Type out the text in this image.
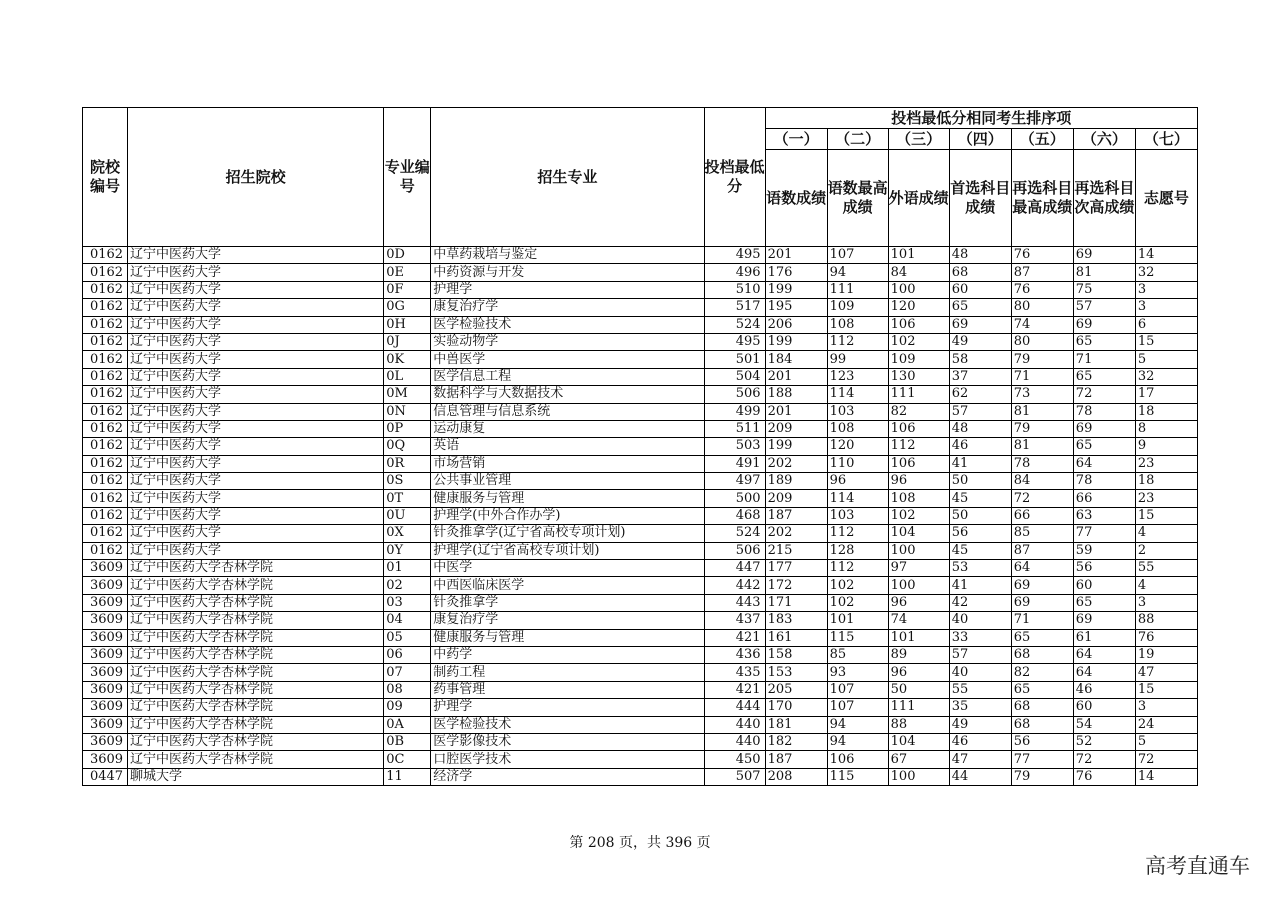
院校编号	招生院校	专业编号	招生专业	投档最低分	投档最低分相同考生排序项						
					（一）	（二）	（三）	（四）	（五）	（六）	（七）
					语数成绩	语数最高成绩	外语成绩	首选科目成绩	再选科目最高成绩	再选科目次高成绩	志愿号
0162	辽宁中医药大学	0D	中草药栽培与鉴定	495	201	107	101	48	76	69	14
0162	辽宁中医药大学	0E	中药资源与开发	496	176	94	84	68	87	81	32
0162	辽宁中医药大学	0F	护理学	510	199	111	100	60	76	75	3
0162	辽宁中医药大学	0G	康复治疗学	517	195	109	120	65	80	57	3
0162	辽宁中医药大学	0H	医学检验技术	524	206	108	106	69	74	69	6
0162	辽宁中医药大学	0J	实验动物学	495	199	112	102	49	80	65	15
0162	辽宁中医药大学	0K	中兽医学	501	184	99	109	58	79	71	5
0162	辽宁中医药大学	0L	医学信息工程	504	201	123	130	37	71	65	32
0162	辽宁中医药大学	0M	数据科学与大数据技术	506	188	114	111	62	73	72	17
0162	辽宁中医药大学	0N	信息管理与信息系统	499	201	103	82	57	81	78	18
0162	辽宁中医药大学	0P	运动康复	511	209	108	106	48	79	69	8
0162	辽宁中医药大学	0Q	英语	503	199	120	112	46	81	65	9
0162	辽宁中医药大学	0R	市场营销	491	202	110	106	41	78	64	23
0162	辽宁中医药大学	0S	公共事业管理	497	189	96	96	50	84	78	18
0162	辽宁中医药大学	0T	健康服务与管理	500	209	114	108	45	72	66	23
0162	辽宁中医药大学	0U	护理学(中外合作办学)	468	187	103	102	50	66	63	15
0162	辽宁中医药大学	0X	针灸推拿学(辽宁省高校专项计划)	524	202	112	104	56	85	77	4
0162	辽宁中医药大学	0Y	护理学(辽宁省高校专项计划)	506	215	128	100	45	87	59	2
3609	辽宁中医药大学杏林学院	01	中医学	447	177	112	97	53	64	56	55
3609	辽宁中医药大学杏林学院	02	中西医临床医学	442	172	102	100	41	69	60	4
3609	辽宁中医药大学杏林学院	03	针灸推拿学	443	171	102	96	42	69	65	3
3609	辽宁中医药大学杏林学院	04	康复治疗学	437	183	101	74	40	71	69	88
3609	辽宁中医药大学杏林学院	05	健康服务与管理	421	161	115	101	33	65	61	76
3609	辽宁中医药大学杏林学院	06	中药学	436	158	85	89	57	68	64	19
3609	辽宁中医药大学杏林学院	07	制药工程	435	153	93	96	40	82	64	47
3609	辽宁中医药大学杏林学院	08	药事管理	421	205	107	50	55	65	46	15
3609	辽宁中医药大学杏林学院	09	护理学	444	170	107	111	35	68	60	3
3609	辽宁中医药大学杏林学院	0A	医学检验技术	440	181	94	88	49	68	54	24
3609	辽宁中医药大学杏林学院	0B	医学影像技术	440	182	94	104	46	56	52	5
3609	辽宁中医药大学杏林学院	0C	口腔医学技术	450	187	106	67	47	77	72	72
0447	聊城大学	11	经济学	507	208	115	100	44	79	76	14
第 208 页，共 396 页
高考直通车
